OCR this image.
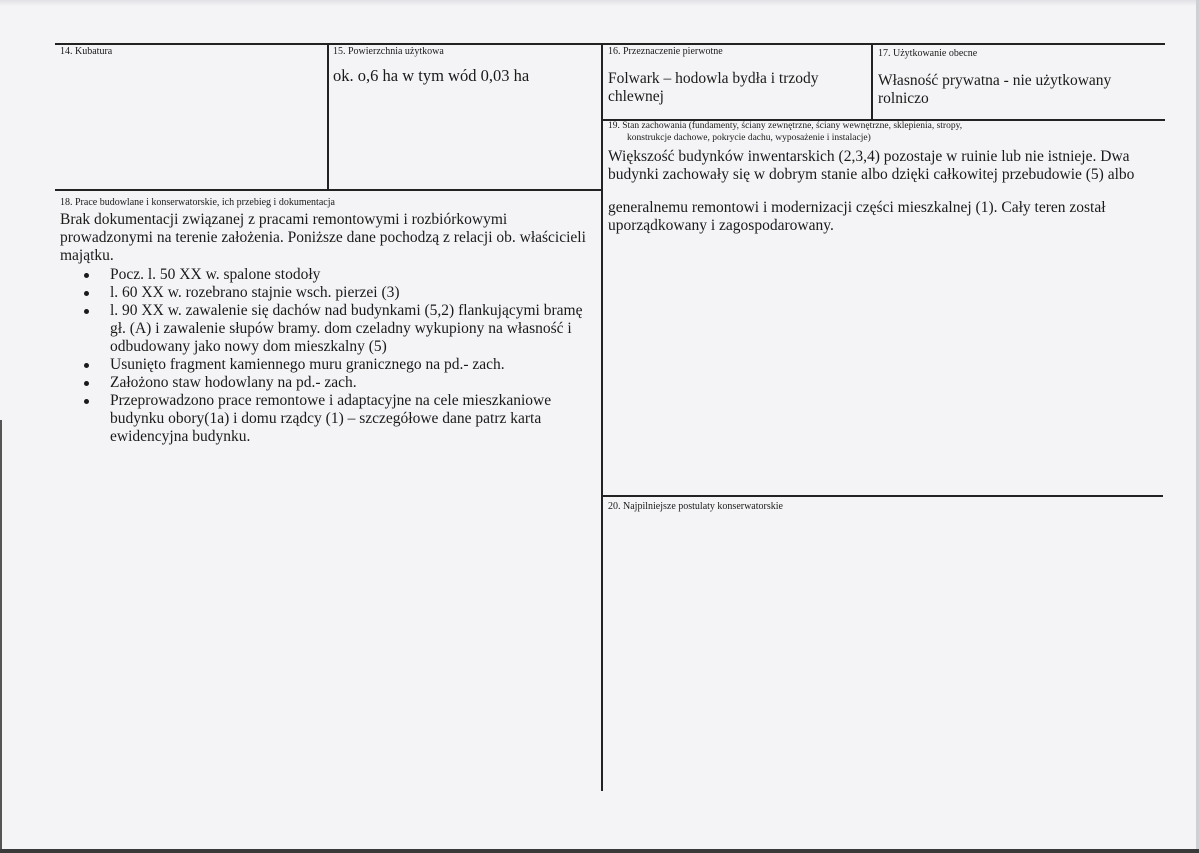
14. Kubatura	15. Powierzchnia użytkowa
ok. o,6 ha w tym wód 0,03 ha
16. Przeznaczenie pierwotne
Folwark – hodowla bydła i trzody chlewnej
17. Użytkowanie obecne
Własność prywatna - nie użytkowany rolniczo
19. Stan zachowania (fundamenty, ściany zewnętrzne, ściany wewnętrzne, sklepienia, stropy,
konstrukcje dachowe, pokrycie dachu, wyposażenie i instalacje)
Większość budynków inwentarskich (2,3,4) pozostaje w ruinie lub nie istnieje. Dwa budynki zachowały się w dobrym stanie albo dzięki całkowitej przebudowie (5) albo
generalnemu remontowi i modernizacji części mieszkalnej (1). Cały teren został uporządkowany i zagospodarowany.
18. Prace budowlane i konserwatorskie, ich przebieg i dokumentacja
Brak dokumentacji związanej z pracami remontowymi i rozbiórkowymi prowadzonymi na terenie założenia. Poniższe dane pochodzą z relacji ob. właścicieli majątku.
Pocz. l. 50 XX w. spalone stodoły
l. 60 XX w. rozebrano stajnie wsch. pierzei (3)
l. 90 XX w. zawalenie się dachów nad budynkami (5,2) flankującymi bramę gł. (A) i zawalenie słupów bramy. dom czeladny wykupiony na własność i odbudowany jako nowy dom mieszkalny (5)
Usunięto fragment kamiennego muru granicznego na pd.- zach.
Założono staw hodowlany na pd.- zach.
Przeprowadzono prace remontowe i adaptacyjne na cele mieszkaniowe budynku obory(1a) i domu rządcy (1) – szczegółowe dane patrz karta ewidencyjna budynku.
20. Najpilniejsze postulaty konserwatorskie
